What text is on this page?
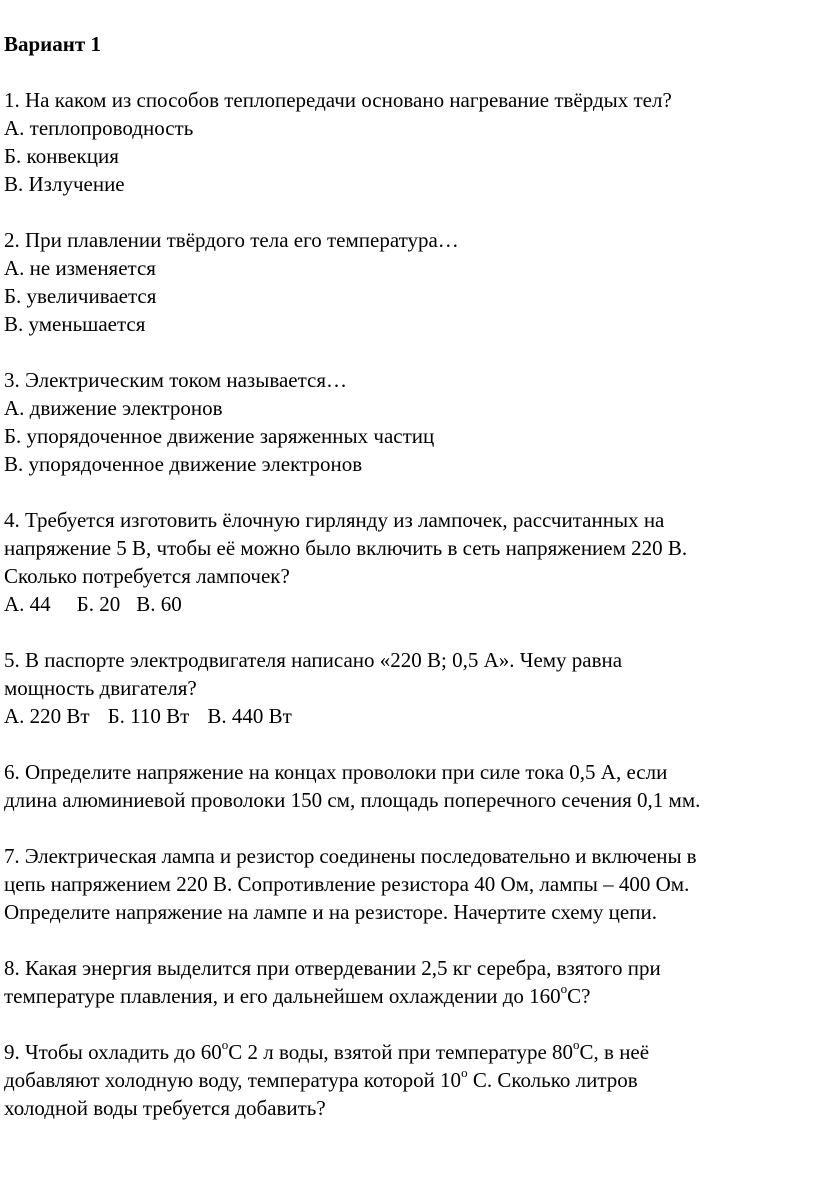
Вариант 1
1. На каком из способов теплопередачи основано нагревание твёрдых тел?
А. теплопроводность
Б. конвекция
В. Излучение
2. При плавлении твёрдого тела его температура…
А. не изменяется
Б. увеличивается
В. уменьшается
3. Электрическим током называется…
А. движение электронов
Б. упорядоченное движение заряженных частиц
В. упорядоченное движение электронов
4. Требуется изготовить ёлочную гирлянду из лампочек, рассчитанных на
напряжение 5 В, чтобы её можно было включить в сеть напряжением 220 В.
Сколько потребуется лампочек?
А. 44 Б. 20 В. 60
5. В паспорте электродвигателя написано «220 В; 0,5 А». Чему равна
мощность двигателя?
А. 220 Вт Б. 110 Вт В. 440 Вт
6. Определите напряжение на концах проволоки при силе тока 0,5 А, если
длина алюминиевой проволоки 150 см, площадь поперечного сечения 0,1 мм.
7. Электрическая лампа и резистор соединены последовательно и включены в
цепь напряжением 220 В. Сопротивление резистора 40 Ом, лампы – 400 Ом.
Определите напряжение на лампе и на резисторе. Начертите схему цепи.
8. Какая энергия выделится при отвердевании 2,5 кг серебра, взятого при
температуре плавления, и его дальнейшем охлаждении до $160^оС$?
9. Чтобы охладить до $60^оС$ 2 л воды, взятой при температуре $80^оС$, в неё
добавляют холодную воду, температура которой $10^о$ С. Сколько литров
холодной воды требуется добавить?
